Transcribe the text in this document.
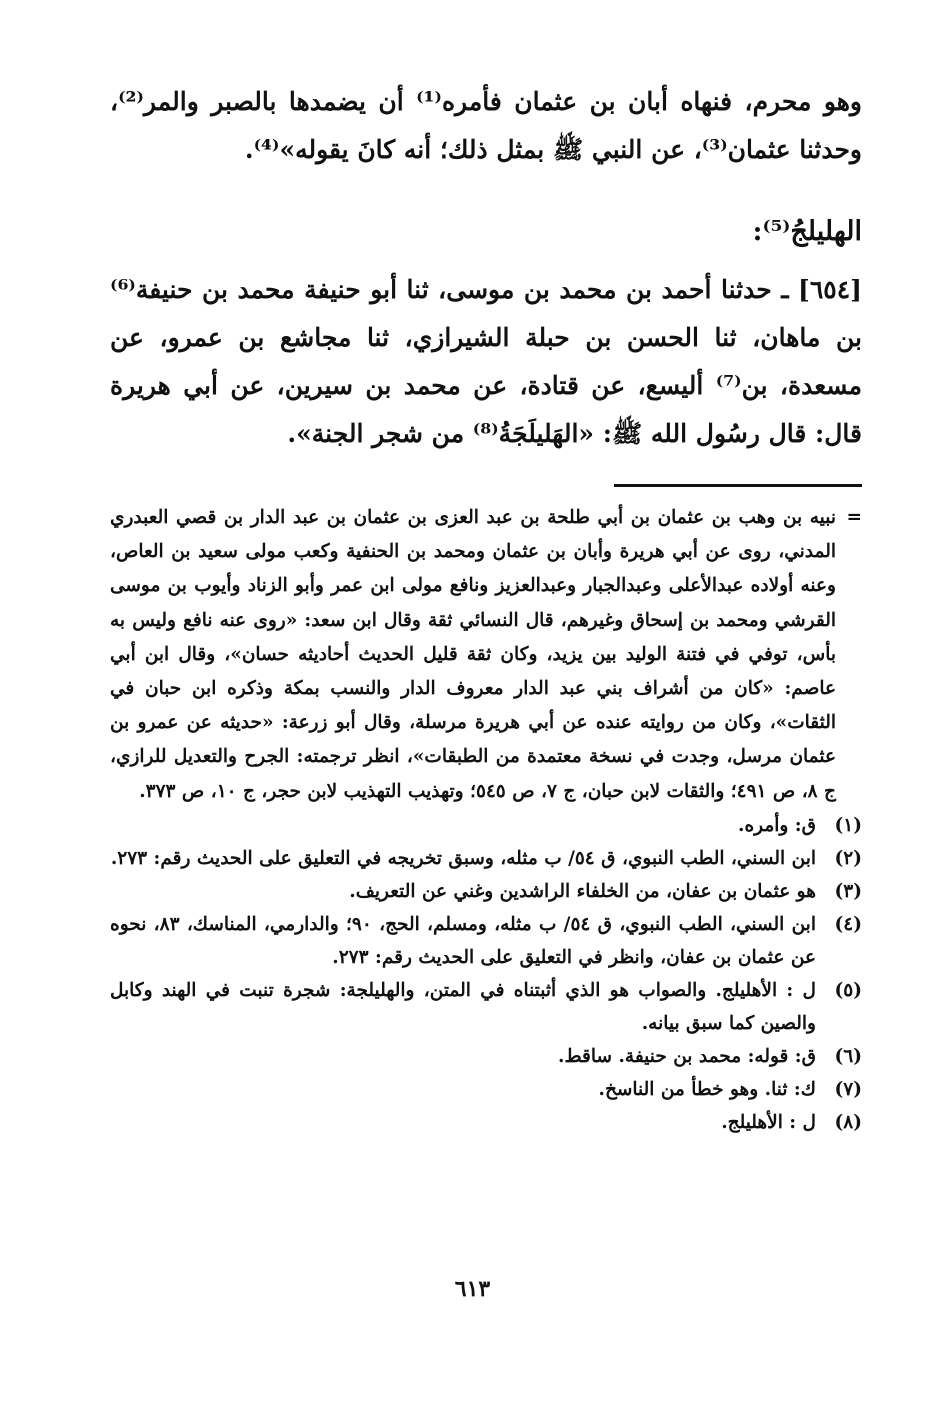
وهو محرم، فنهاه أبان بن عثمان فأمره⁽¹⁾ أن يضمدها بالصبر والمر⁽²⁾، وحدثنا عثمان⁽³⁾، عن النبي ﷺ بمثل ذلك؛ أنه كانَ يقوله»⁽⁴⁾.

الهليلجُ⁽⁵⁾:

[٦٥٤] ـ حدثنا أحمد بن محمد بن موسى، ثنا أبو حنيفة محمد بن حنيفة⁽⁶⁾ بن ماهان، ثنا الحسن بن حبلة الشيرازي، ثنا مجاشع بن عمرو، عن مسعدة، بن⁽⁷⁾ أليسع، عن قتادة، عن محمد بن سيرين، عن أبي هريرة قال: قال رسُول الله ﷺ: «الهَليلَجَةُ⁽⁸⁾ من شجر الجنة».

=
نبيه بن وهب بن عثمان بن أبي طلحة بن عبد العزى بن عثمان بن عبد الدار بن قصي العبدري المدني، روى عن أبي هريرة وأبان بن عثمان ومحمد بن الحنفية وكعب مولى سعيد بن العاص، وعنه أولاده عبدالأعلى وعبدالجبار وعبدالعزيز ونافع مولى ابن عمر وأبو الزناد وأيوب بن موسى القرشي ومحمد بن إسحاق وغيرهم، قال النسائي ثقة وقال ابن سعد: «روى عنه نافع وليس به بأس، توفي في فتنة الوليد بين يزيد، وكان ثقة قليل الحديث أحاديثه حسان»، وقال ابن أبي عاصم: «كان من أشراف بني عبد الدار معروف الدار والنسب بمكة وذكره ابن حبان في الثقات»، وكان من روايته عنده عن أبي هريرة مرسلة، وقال أبو زرعة: «حديثه عن عمرو بن عثمان مرسل، وجدت في نسخة معتمدة من الطبقات»، انظر ترجمته: الجرح والتعديل للرازي، ج ٨، ص ٤٩١؛ والثقات لابن حبان، ج ٧، ص ٥٤٥؛ وتهذيب التهذيب لابن حجر، ج ١٠، ص ٣٧٣.

(١)
ق: وأمره.
(٢)
ابن السني، الطب النبوي، ق ٥٤/ ب مثله، وسبق تخريجه في التعليق على الحديث رقم: ٢٧٣.
(٣)
هو عثمان بن عفان، من الخلفاء الراشدين وغني عن التعريف.
(٤)
ابن السني، الطب النبوي، ق ٥٤/ ب مثله، ومسلم، الحج، ٩٠؛ والدارمي، المناسك، ٨٣، نحوه عن عثمان بن عفان، وانظر في التعليق على الحديث رقم: ٢٧٣.
(٥)
ل : الأهليلج. والصواب هو الذي أثبتناه في المتن، والهليلجة: شجرة تنبت في الهند وكابل والصين كما سبق بيانه.
(٦)
ق: قوله: محمد بن حنيفة. ساقط.
(٧)
ك: ثنا. وهو خطأ من الناسخ.
(٨)
ل : الأهليلج.
٦١٣
